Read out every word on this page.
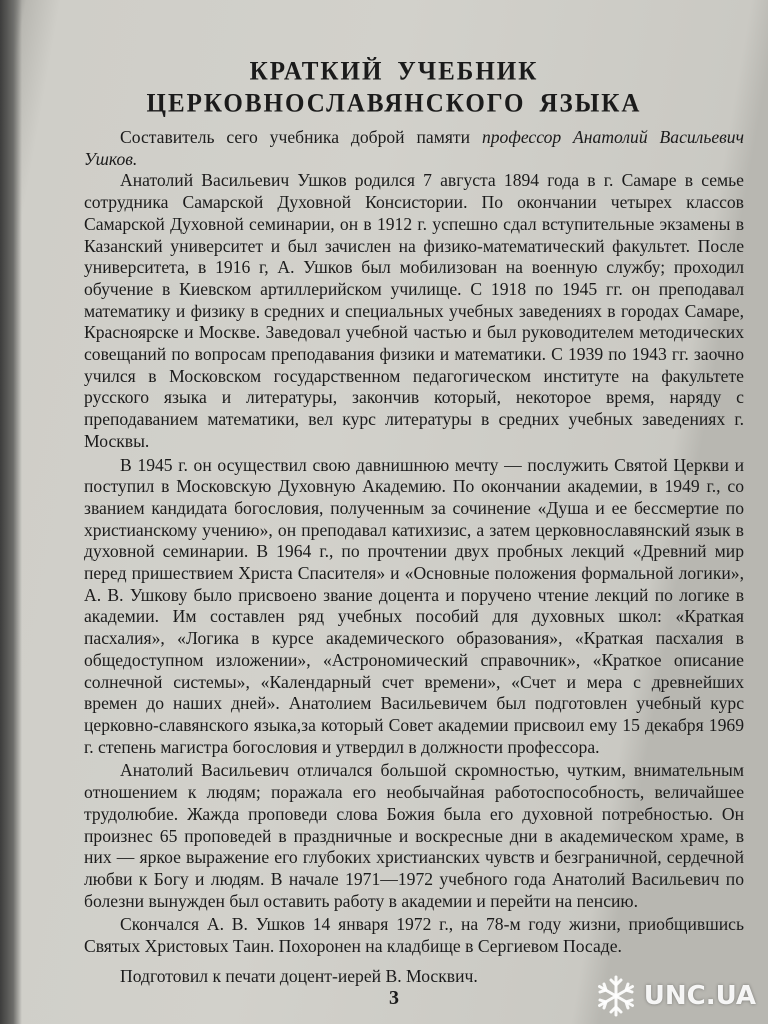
КРАТКИЙ УЧЕБНИК
ЦЕРКОВНОСЛАВЯНСКОГО ЯЗЫКА

Составитель сего учебника доброй памяти профессор Анатолий Васильевич Ушков.

Анатолий Васильевич Ушков родился 7 августа 1894 года в г. Самаре в семье сотрудника Самарской Духовной Консистории. По окончании четырех классов Самарской Духовной семинарии, он в 1912 г. успешно сдал вступительные экзамены в Казанский университет и был зачислен на физико-математический факультет. После университета, в 1916 г, А. Ушков был мобилизован на военную службу; проходил обучение в Киевском артиллерийском училище. С 1918 по 1945 гг. он преподавал математику и физику в средних и специальных учебных заведениях в городах Самаре, Красноярске и Москве. Заведовал учебной частью и был руководителем методических совещаний по вопросам преподавания физики и математики. С 1939 по 1943 гг. заочно учился в Московском государственном педагогическом институте на факультете русского языка и литературы, закончив который, некоторое время, наряду с преподаванием математики, вел курс литературы в средних учебных заведениях г. Москвы.

В 1945 г. он осуществил свою давнишнюю мечту — послужить Святой Церкви и поступил в Московскую Духовную Академию. По окончании академии, в 1949 г., со званием кандидата богословия, полученным за сочинение «Душа и ее бессмертие по христианскому учению», он преподавал катихизис, а затем церковнославянский язык в духовной семинарии. В 1964 г., по прочтении двух пробных лекций «Древний мир перед пришествием Христа Спасителя» и «Основные положения формальной логики», А. В. Ушкову было присвоено звание доцента и поручено чтение лекций по логике в академии. Им составлен ряд учебных пособий для духовных школ: «Краткая пасхалия», «Логика в курсе академического образования», «Краткая пасхалия в общедоступном изложении», «Астрономический справочник», «Краткое описание солнечной системы», «Календарный счет времени», «Счет и мера с древнейших времен до наших дней». Анатолием Васильевичем был подготовлен учебный курс церковно-славянского языка,за который Совет академии присвоил ему 15 декабря 1969 г. степень магистра богословия и утвердил в должности профессора.

Анатолий Васильевич отличался большой скромностью, чутким, внимательным отношением к людям; поражала его необычайная работоспособность, величайшее трудолюбие. Жажда проповеди слова Божия была его духовной потребностью. Он произнес 65 проповедей в праздничные и воскресные дни в академическом храме, в них — яркое выражение его глубоких христианских чувств и безграничной, сердечной любви к Богу и людям. В начале 1971—1972 учебного года Анатолий Васильевич по болезни вынужден был оставить работу в академии и перейти на пенсию.

Скончался А. В. Ушков 14 января 1972 г., на 78-м году жизни, приобщившись Святых Христовых Таин. Похоронен на кладбище в Сергиевом Посаде.

Подготовил к печати доцент-иерей В. Москвич.

3	UNC.UA
